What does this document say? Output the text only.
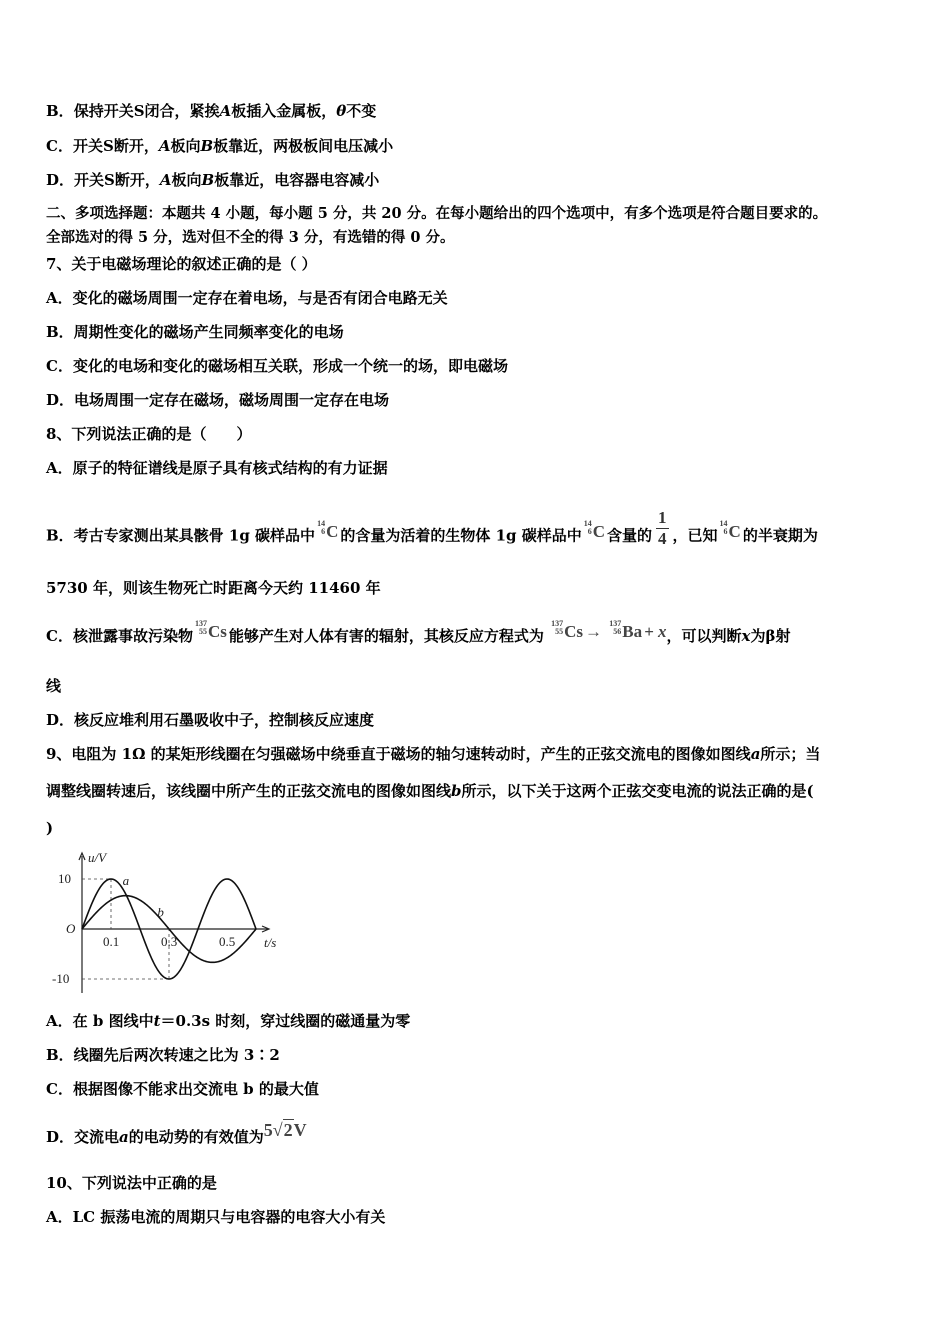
B．保持开关S闭合，紧挨A板插入金属板，θ不变
C．开关S断开，A板向B板靠近，两极板间电压减小
D．开关S断开，A板向B板靠近，电容器电容减小
二、多项选择题：本题共 4 小题，每小题 5 分，共 20 分。在每小题给出的四个选项中，有多个选项是符合题目要求的。
全部选对的得 5 分，选对但不全的得 3 分，有选错的得 0 分。
7、关于电磁场理论的叙述正确的是（ ）
A．变化的磁场周围一定存在着电场，与是否有闭合电路无关
B．周期性变化的磁场产生同频率变化的电场
C．变化的电场和变化的磁场相互关联，形成一个统一的场，即电磁场
D．电场周围一定存在磁场，磁场周围一定存在电场
8、下列说法正确的是（　　）
A．原子的特征谱线是原子具有核式结构的有力证据
B．考古专家测出某具骸骨 1g 碳样品中
14
6 C 的含量为活着的生物体 1g 碳样品中
14
6 C 含量的 $\frac{1}{4}$ ，已知
14
6 C 的半衰期为
5730 年，则该生物死亡时距离今天约 11460 年
C．核泄露事故污染物
137
55 Cs 能够产生对人体有害的辐射，其核反应方程式为
137
55 Cs → 137
56 Ba + x，可以判断x为β射
线
D．核反应堆利用石墨吸收中子，控制核反应速度
9、电阻为 1Ω 的某矩形线圈在匀强磁场中绕垂直于磁场的轴匀速转动时，产生的正弦交流电的图像如图线a所示；当
调整线圈转速后，该线圈中所产生的正弦交流电的图像如图线b所示，以下关于这两个正弦交变电流的说法正确的是(
)
u/V
t/s
O
10
-10
0.1	0.3	0.5
a
b
A．在 b 图线中t＝0.3s 时刻，穿过线圈的磁通量为零
B．线圈先后两次转速之比为 3∶2
C．根据图像不能求出交流电 b 的最大值
D．交流电a的电动势的有效值为5√2V
10、下列说法中正确的是
A．LC 振荡电流的周期只与电容器的电容大小有关
